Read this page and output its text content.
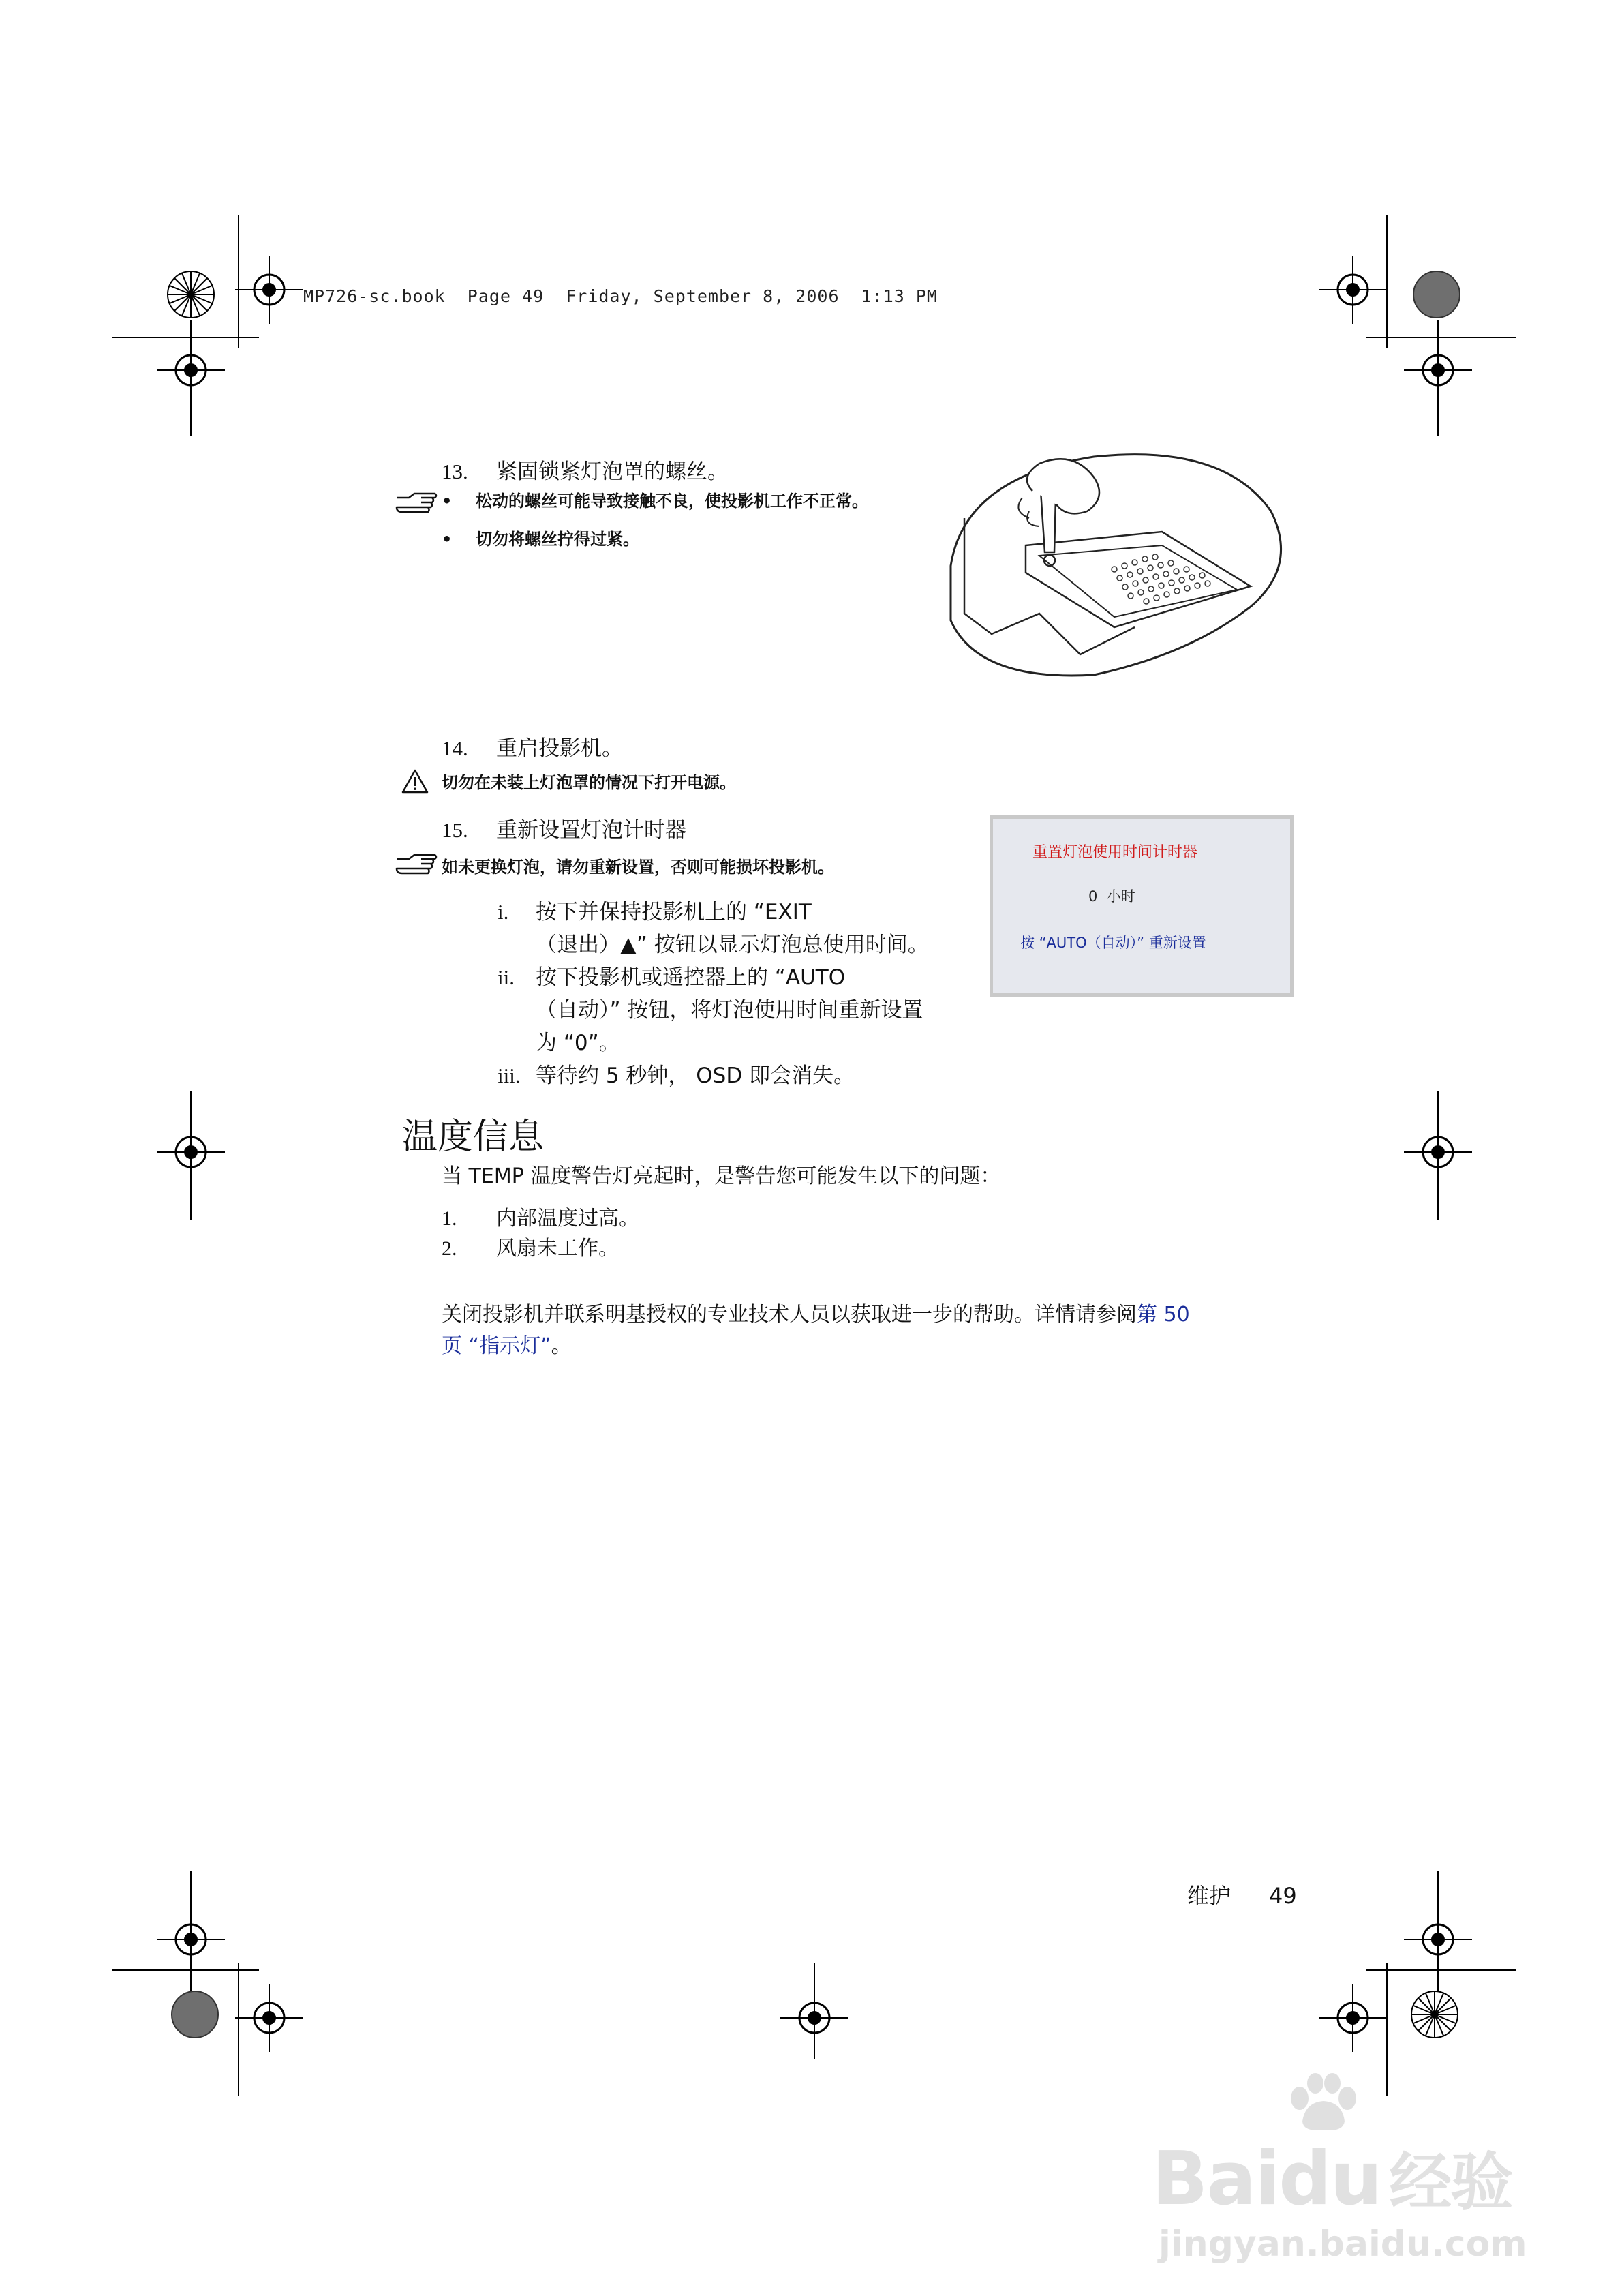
MP726-sc.book  Page 49  Friday, September 8, 2006  1:13 PM
13. 紧固锁紧灯泡罩的螺丝。
•	松动的螺丝可能导致接触不良，使投影机工作不正常。
•	切勿将螺丝拧得过紧。
14. 重启投影机。
切勿在未装上灯泡罩的情况下打开电源。
15. 重新设置灯泡计时器
如未更换灯泡，请勿重新设置，否则可能损坏投影机。
i.	按下并保持投影机上的 “EXIT
（退出）▲” 按钮以显示灯泡总使用时间。
ii.	按下投影机或遥控器上的 “AUTO
（自动）” 按钮，将灯泡使用时间重新设置
为 “0”。
iii. 等待约 5 秒钟， OSD 即会消失。
重置灯泡使用时间计时器
0  小时
按 “AUTO（自动）” 重新设置
温度信息
当 TEMP 温度警告灯亮起时，是警告您可能发生以下的问题：
1. 内部温度过高。
2. 风扇未工作。
关闭投影机并联系明基授权的专业技术人员以获取进一步的帮助。详情请参阅第 50
页 “指示灯”。
维护 49
Baidu 经验
jingyan.baidu.com
